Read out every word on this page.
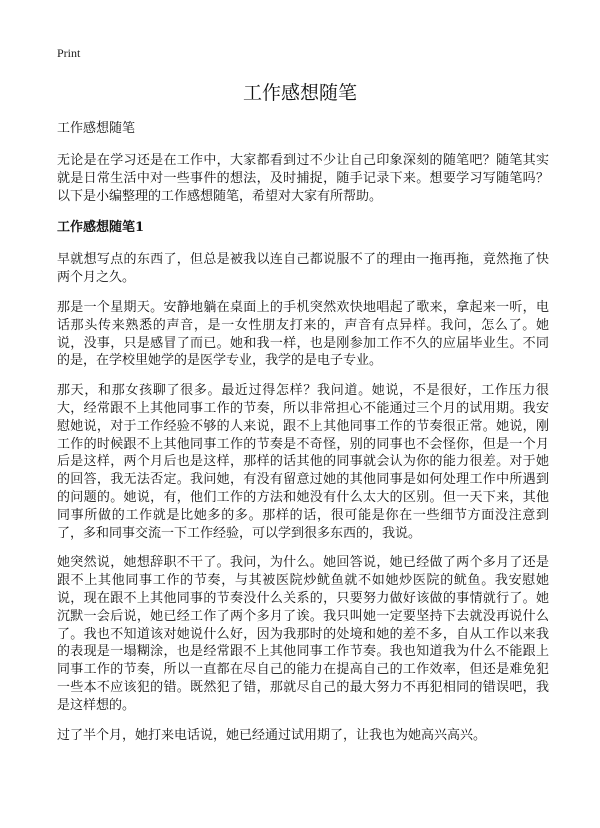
Print
工作感想随笔
工作感想随笔

无论是在学习还是在工作中，大家都看到过不少让自己印象深刻的随笔吧？随笔其实就是日常生活中对一些事件的想法，及时捕捉，随手记录下来。想要学习写随笔吗？以下是小编整理的工作感想随笔，希望对大家有所帮助。

工作感想随笔1

早就想写点的东西了，但总是被我以连自己都说服不了的理由一拖再拖，竟然拖了快两个月之久。

那是一个星期天。安静地躺在桌面上的手机突然欢快地唱起了歌来，拿起来一听，电话那头传来熟悉的声音，是一女性朋友打来的，声音有点异样。我问，怎么了。她说，没事，只是感冒了而已。她和我一样，也是刚参加工作不久的应届毕业生。不同的是，在学校里她学的是医学专业，我学的是电子专业。

那天，和那女孩聊了很多。最近过得怎样？我问道。她说，不是很好，工作压力很大，经常跟不上其他同事工作的节奏，所以非常担心不能通过三个月的试用期。我安慰她说，对于工作经验不够的人来说，跟不上其他同事工作的节奏很正常。她说，刚工作的时候跟不上其他同事工作的节奏是不奇怪，别的同事也不会怪你，但是一个月后是这样，两个月后也是这样，那样的话其他的同事就会认为你的能力很差。对于她的回答，我无法否定。我问她，有没有留意过她的其他同事是如何处理工作中所遇到的问题的。她说，有，他们工作的方法和她没有什么太大的区别。但一天下来，其他同事所做的工作就是比她多的多。那样的话，很可能是你在一些细节方面没注意到了，多和同事交流一下工作经验，可以学到很多东西的，我说。

她突然说，她想辞职不干了。我问，为什么。她回答说，她已经做了两个多月了还是跟不上其他同事工作的节奏，与其被医院炒鱿鱼就不如她炒医院的鱿鱼。我安慰她说，现在跟不上其他同事的节奏没什么关系的，只要努力做好该做的事情就行了。她沉默一会后说，她已经工作了两个多月了诶。我只叫她一定要坚持下去就没再说什么了。我也不知道该对她说什么好，因为我那时的处境和她的差不多，自从工作以来我的表现是一塌糊涂，也是经常跟不上其他同事工作节奏。我也知道我为什么不能跟上同事工作的节奏，所以一直都在尽自己的能力在提高自己的工作效率，但还是难免犯一些本不应该犯的错。既然犯了错，那就尽自己的最大努力不再犯相同的错误吧，我是这样想的。

过了半个月，她打来电话说，她已经通过试用期了，让我也为她高兴高兴。
